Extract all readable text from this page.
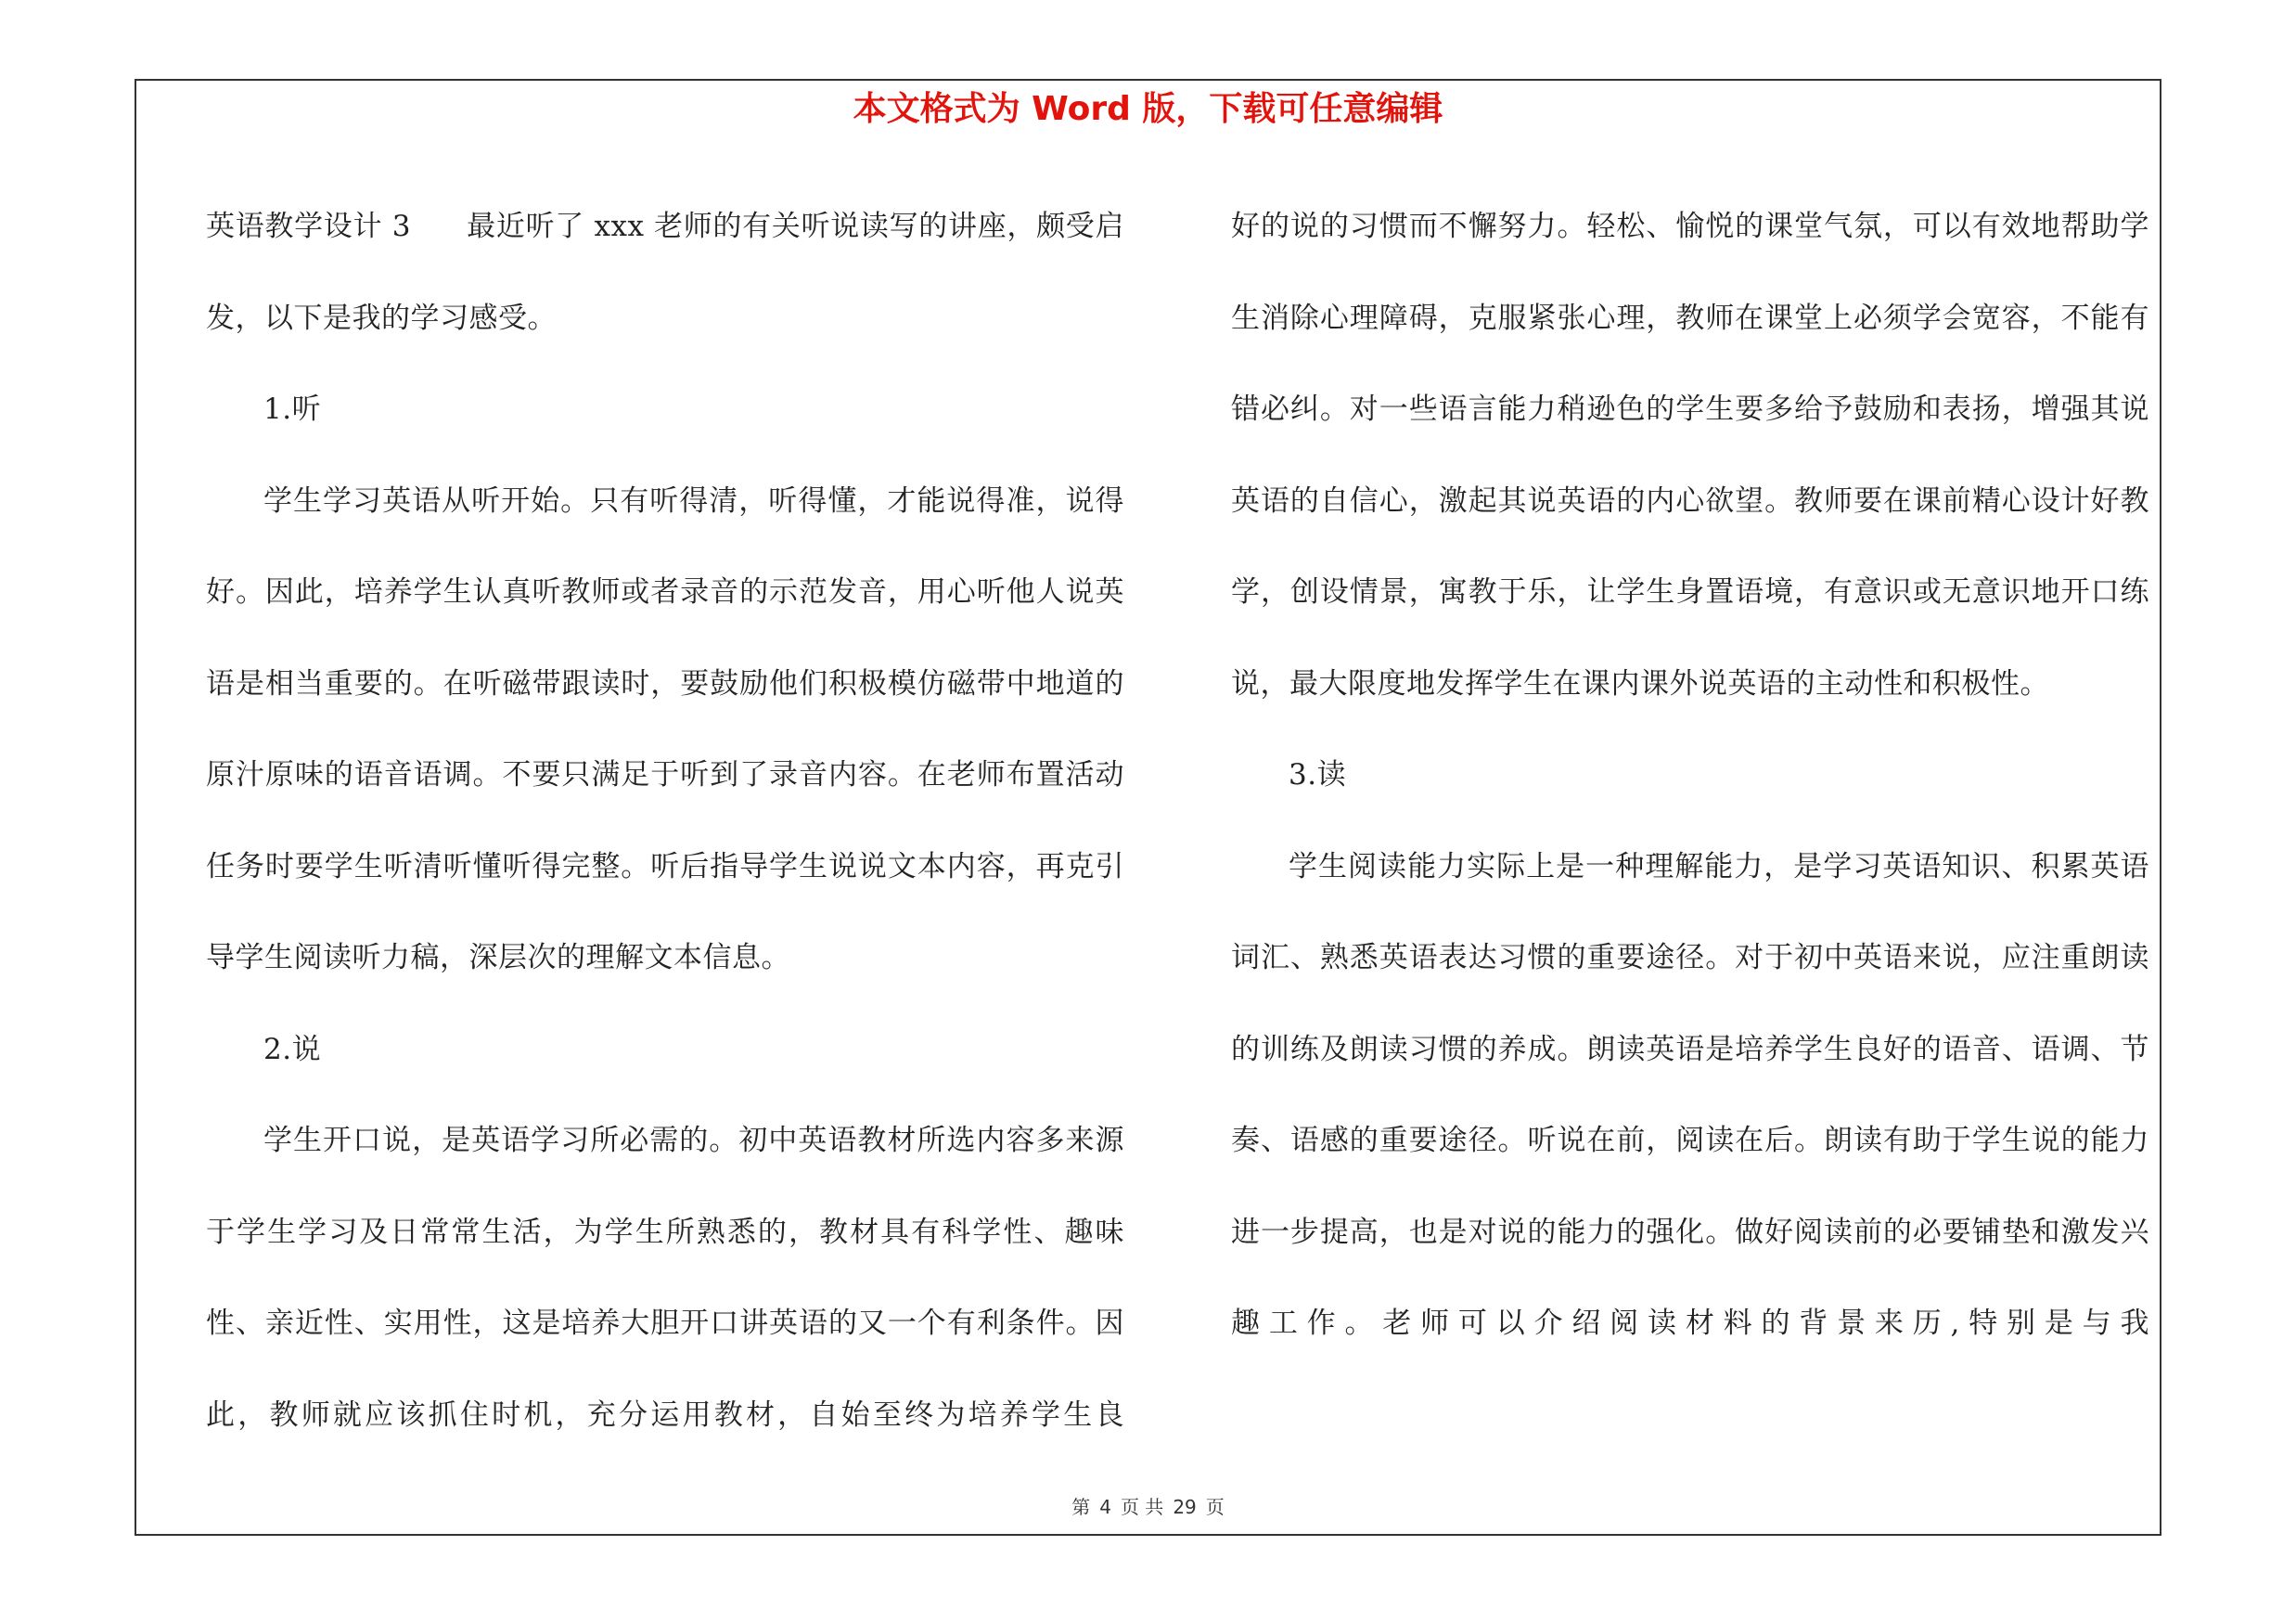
本文格式为 Word 版，下载可任意编辑

英语教学设计 3 最近听了 xxx 老师的有关听说读写的讲座，颇受启发，以下是我的学习感受。

1.听

学生学习英语从听开始。只有听得清，听得懂，才能说得准，说得好。因此，培养学生认真听教师或者录音的示范发音，用心听他人说英语是相当重要的。在听磁带跟读时，要鼓励他们积极模仿磁带中地道的原汁原味的语音语调。不要只满足于听到了录音内容。在老师布置活动任务时要学生听清听懂听得完整。听后指导学生说说文本内容，再克引导学生阅读听力稿，深层次的理解文本信息。

2.说

学生开口说，是英语学习所必需的。初中英语教材所选内容多来源于学生学习及日常常生活，为学生所熟悉的，教材具有科学性、趣味性、亲近性、实用性，这是培养大胆开口讲英语的又一个有利条件。因此，教师就应该抓住时机，充分运用教材，自始至终为培养学生良

好的说的习惯而不懈努力。轻松、愉悦的课堂气氛，可以有效地帮助学生消除心理障碍，克服紧张心理，教师在课堂上必须学会宽容，不能有错必纠。对一些语言能力稍逊色的学生要多给予鼓励和表扬，增强其说英语的自信心，激起其说英语的内心欲望。教师要在课前精心设计好教学，创设情景，寓教于乐，让学生身置语境，有意识或无意识地开口练说，最大限度地发挥学生在课内课外说英语的主动性和积极性。

3.读

学生阅读能力实际上是一种理解能力，是学习英语知识、积累英语词汇、熟悉英语表达习惯的重要途径。对于初中英语来说，应注重朗读的训练及朗读习惯的养成。朗读英语是培养学生良好的语音、语调、节奏、语感的重要途径。听说在前，阅读在后。朗读有助于学生说的能力进一步提高，也是对说的能力的强化。做好阅读前的必要铺垫和激发兴趣工作。老师可以介绍阅读材料的背景来历,特别是与我

第 4 页 共 29 页
